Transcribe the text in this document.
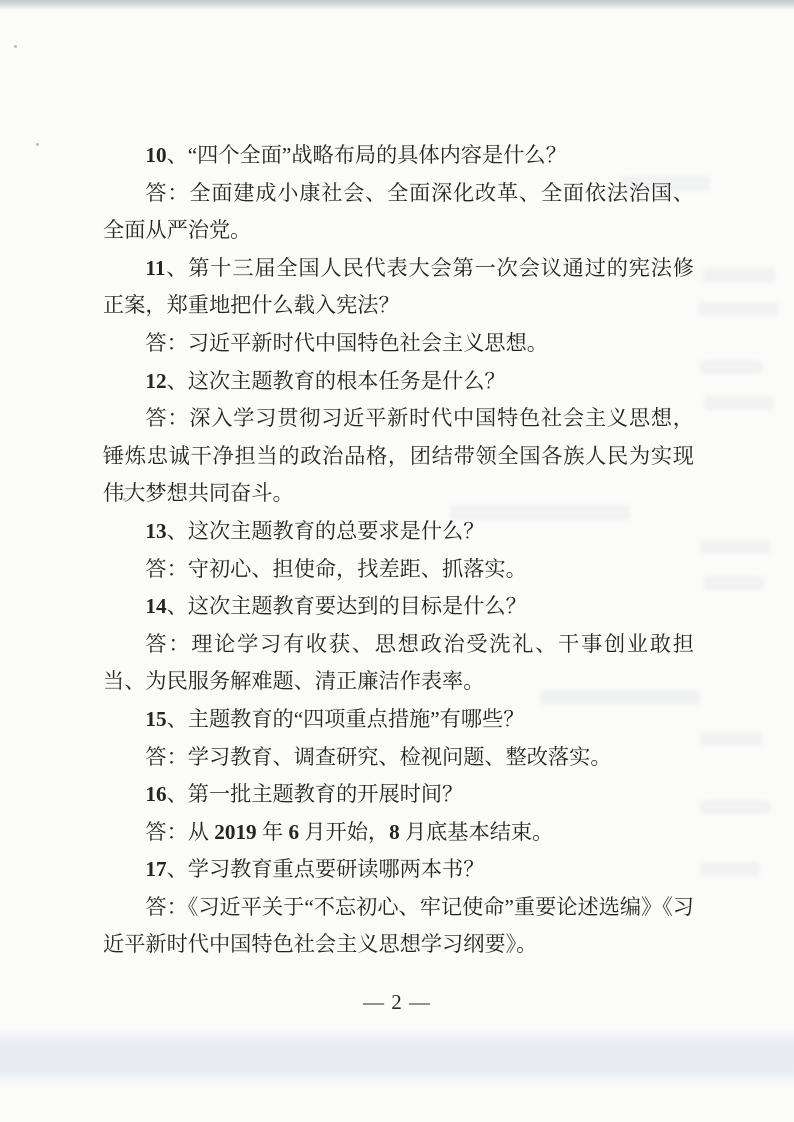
10、“四个全面”战略布局的具体内容是什么？

答：全面建成小康社会、全面深化改革、全面依法治国、全面从严治党。

11、第十三届全国人民代表大会第一次会议通过的宪法修正案，郑重地把什么载入宪法？

答：习近平新时代中国特色社会主义思想。

12、这次主题教育的根本任务是什么？

答：深入学习贯彻习近平新时代中国特色社会主义思想，锤炼忠诚干净担当的政治品格，团结带领全国各族人民为实现伟大梦想共同奋斗。

13、这次主题教育的总要求是什么？

答：守初心、担使命，找差距、抓落实。

14、这次主题教育要达到的目标是什么？

答：理论学习有收获、思想政治受洗礼、干事创业敢担当、为民服务解难题、清正廉洁作表率。

15、主题教育的“四项重点措施”有哪些？

答：学习教育、调查研究、检视问题、整改落实。

16、第一批主题教育的开展时间？

答：从 2019 年 6 月开始，8 月底基本结束。

17、学习教育重点要研读哪两本书？

答：《习近平关于“不忘初心、牢记使命”重要论述选编》《习近平新时代中国特色社会主义思想学习纲要》。

— 2 —
